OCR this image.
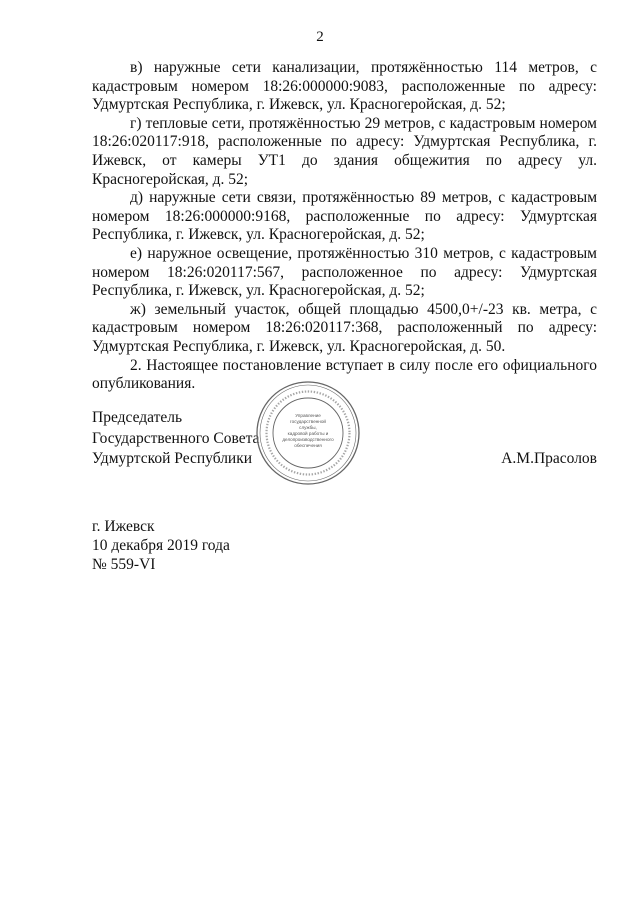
2

в) наружные сети канализации, протяжённостью 114 метров, с кадастровым номером 18:26:000000:9083, расположенные по адресу: Удмуртская Республика, г. Ижевск, ул. Красногеройская, д. 52;

г) тепловые сети, протяжённостью 29 метров, с кадастровым номером 18:26:020117:918, расположенные по адресу: Удмуртская Республика, г. Ижевск, от камеры УТ1 до здания общежития по адресу ул. Красногеройская, д. 52;

д) наружные сети связи, протяжённостью 89 метров, с кадастровым номером 18:26:000000:9168, расположенные по адресу: Удмуртская Республика, г. Ижевск, ул. Красногеройская, д. 52;

е) наружное освещение, протяжённостью 310 метров, с кадастровым номером 18:26:020117:567, расположенное по адресу: Удмуртская Республика, г. Ижевск, ул. Красногеройская, д. 52;

ж) земельный участок, общей площадью 4500,0+/-23 кв. метра, с кадастровым номером 18:26:020117:368, расположенный по адресу: Удмуртская Республика, г. Ижевск, ул. Красногеройская, д. 50.

2. Настоящее постановление вступает в силу после его официального опубликования.

Председатель
Государственного Совета
Удмуртской Республики	А.М.Прасолов
Управление
государственной
службы,
кадровой работы и
делопроизводственного
обеспечения
г. Ижевск
10 декабря 2019 года
№ 559-VI
